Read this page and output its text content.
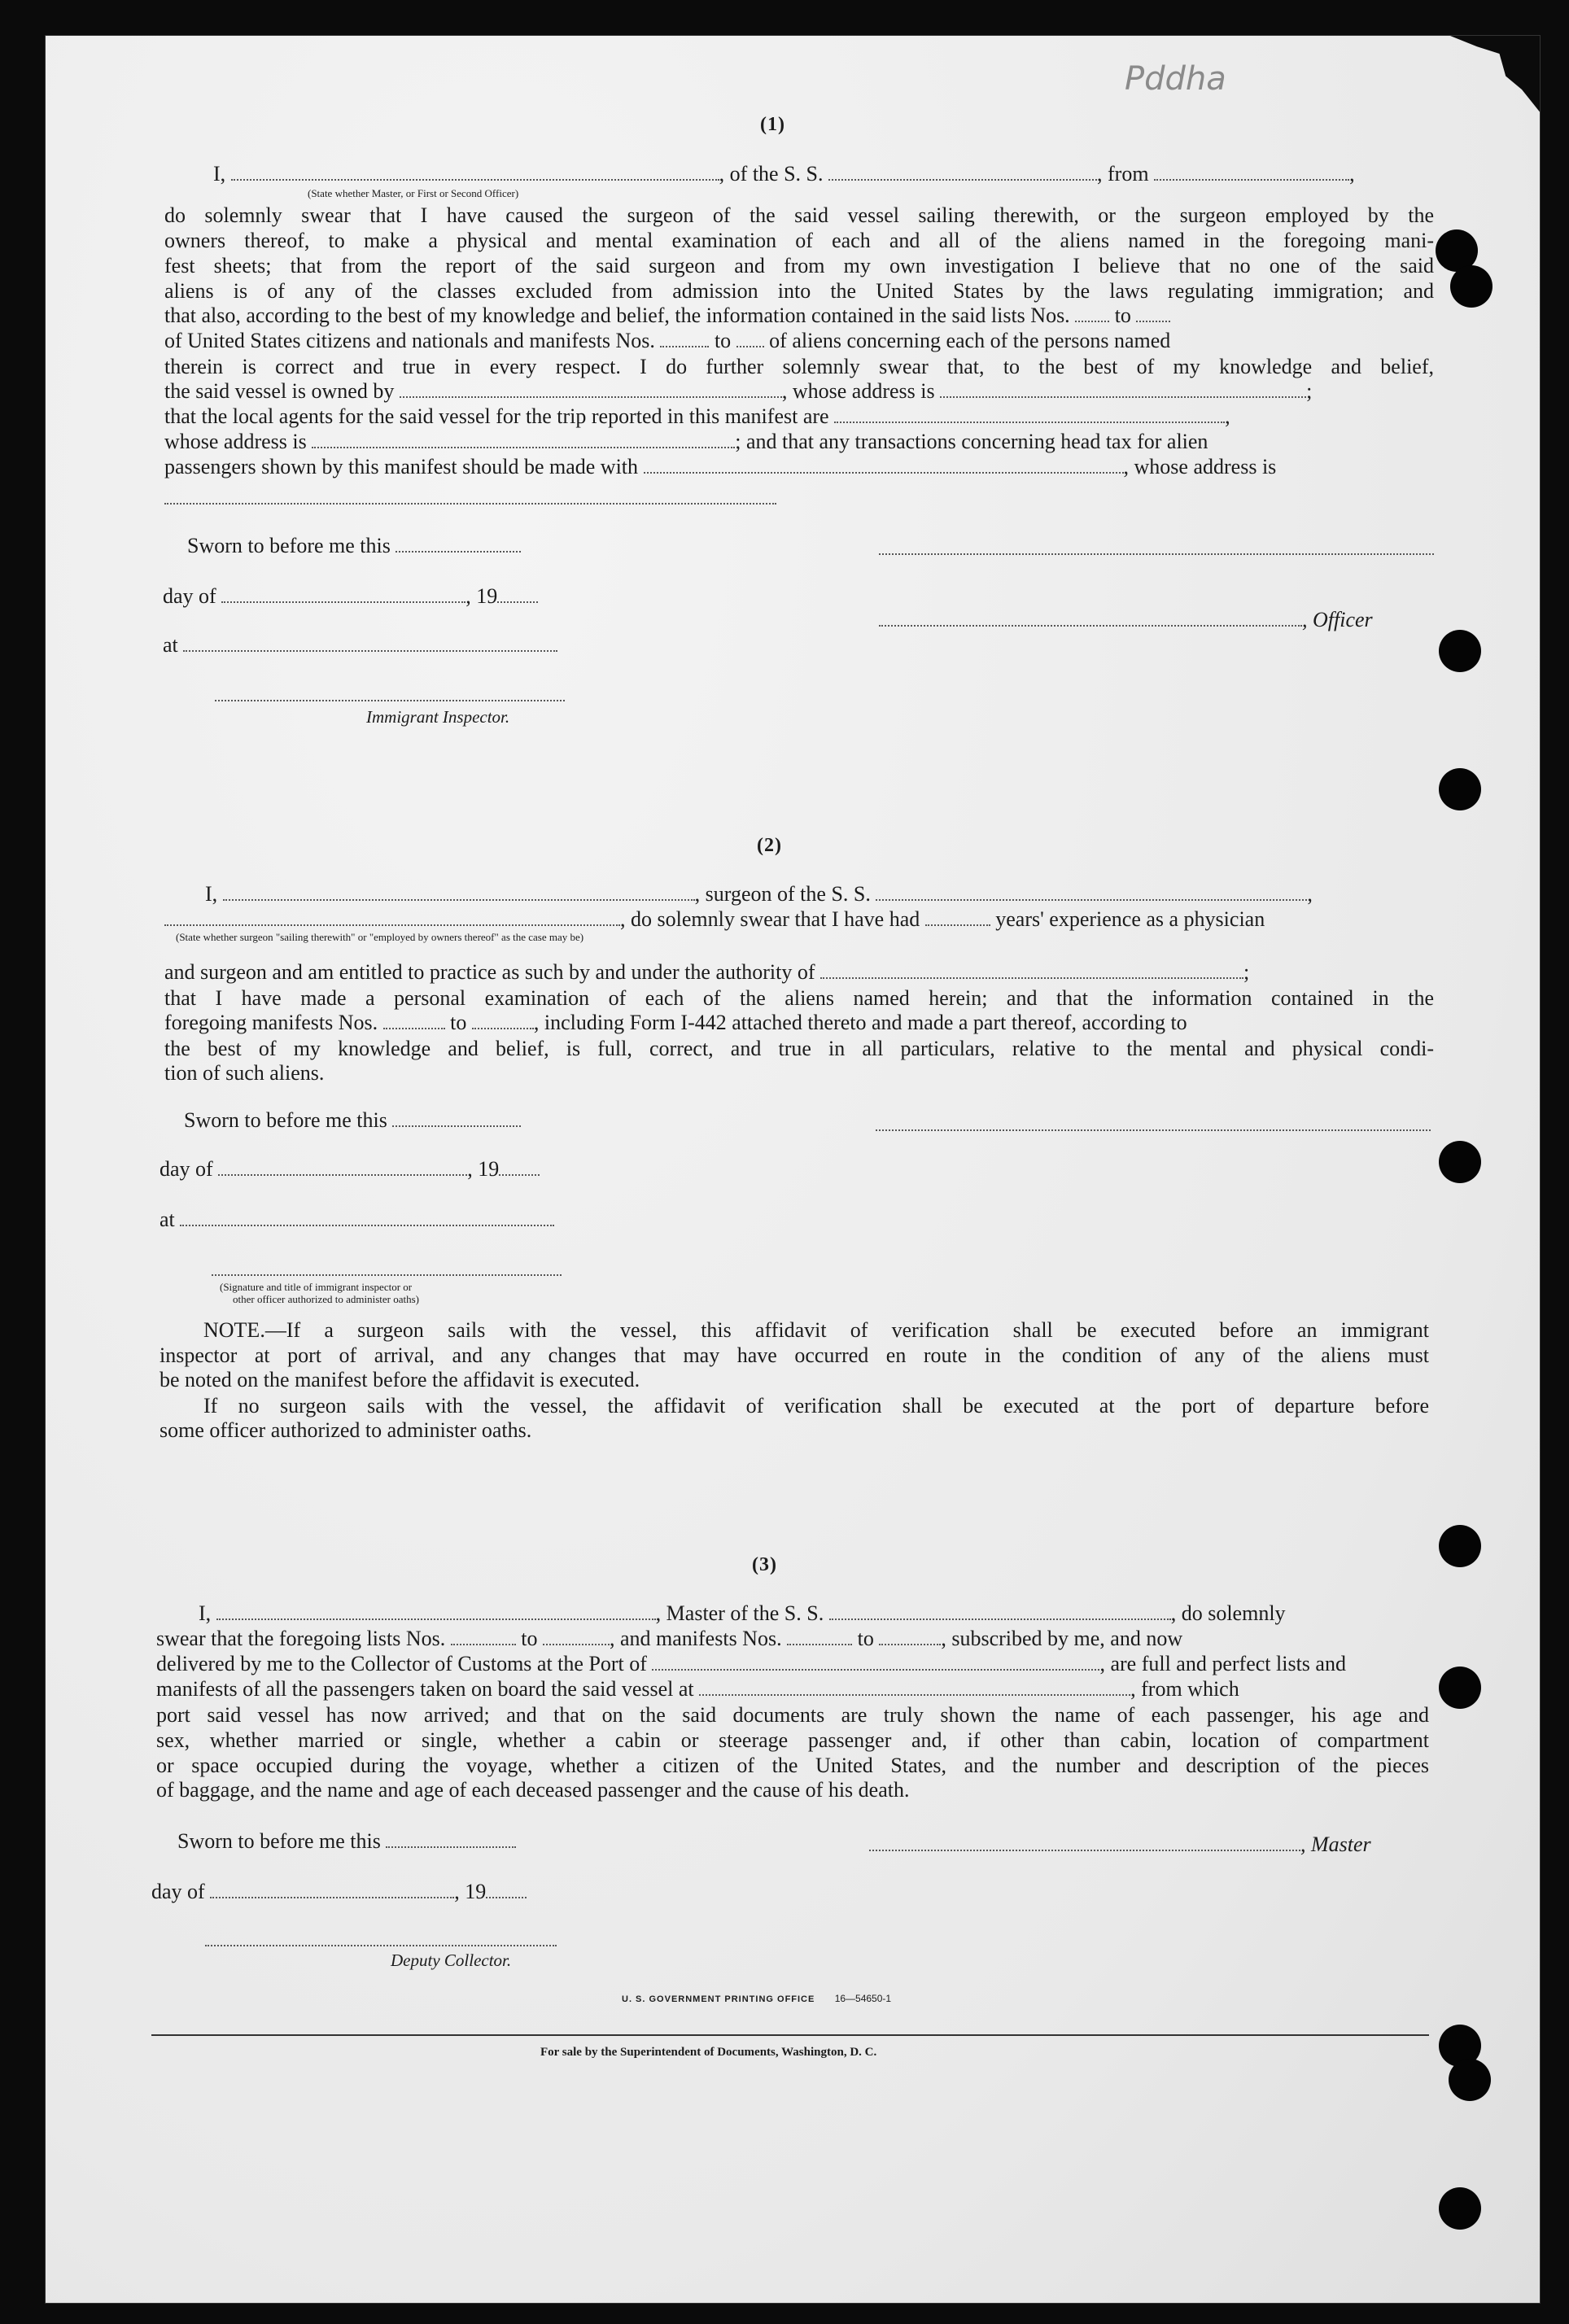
Pddha
(1)
I,	, of the S. S.	, from	,
(State whether Master, or First or Second Officer)
do solemnly swear that I have caused the surgeon of the said vessel sailing therewith, or the surgeon employed by the
owners thereof, to make a physical and mental examination of each and all of the aliens named in the foregoing mani-
fest sheets; that from the report of the said surgeon and from my own investigation I believe that no one of the said
aliens is of any of the classes excluded from admission into the United States by the laws regulating immigration; and
that also, according to the best of my knowledge and belief, the information contained in the said lists Nos. to
of United States citizens and nationals and manifests Nos.	to of aliens concerning each of the persons named
therein is correct and true in every respect. I do further solemnly swear that, to the best of my knowledge and belief,
the said vessel is owned by	, whose address is	;
that the local agents for the said vessel for the trip reported in this manifest are	,
whose address is	; and that any transactions concerning head tax for alien
passengers shown by this manifest should be made with	, whose address is
Sworn to before me this
day of	, 19
, Officer
at
Immigrant Inspector.
(2)
I,	, surgeon of the S. S.	,
, do solemnly swear that I have had	years' experience as a physician
(State whether surgeon "sailing therewith" or "employed by owners thereof" as the case may be)
and surgeon and am entitled to practice as such by and under the authority of	;
that I have made a personal examination of each of the aliens named herein; and that the information contained in the
foregoing manifests Nos.	to	, including Form I-442 attached thereto and made a part thereof, according to
the best of my knowledge and belief, is full, correct, and true in all particulars, relative to the mental and physical condi-
tion of such aliens.
Sworn to before me this
day of	, 19
at
(Signature and title of immigrant inspector or
other officer authorized to administer oaths)
NOTE.—If a surgeon sails with the vessel, this affidavit of verification shall be executed before an immigrant
inspector at port of arrival, and any changes that may have occurred en route in the condition of any of the aliens must
be noted on the manifest before the affidavit is executed.
If no surgeon sails with the vessel, the affidavit of verification shall be executed at the port of departure before
some officer authorized to administer oaths.
(3)
I,	, Master of the S. S.	, do solemnly
swear that the foregoing lists Nos.	to	, and manifests Nos.	to	, subscribed by me, and now
delivered by me to the Collector of Customs at the Port of	, are full and perfect lists and
manifests of all the passengers taken on board the said vessel at	, from which
port said vessel has now arrived; and that on the said documents are truly shown the name of each passenger, his age and
sex, whether married or single, whether a cabin or steerage passenger and, if other than cabin, location of compartment
or space occupied during the voyage, whether a citizen of the United States, and the number and description of the pieces
of baggage, and the name and age of each deceased passenger and the cause of his death.
Sworn to before me this	, Master
day of	, 19
Deputy Collector.
U. S. GOVERNMENT PRINTING OFFICE 16—54650-1
For sale by the Superintendent of Documents, Washington, D. C.
